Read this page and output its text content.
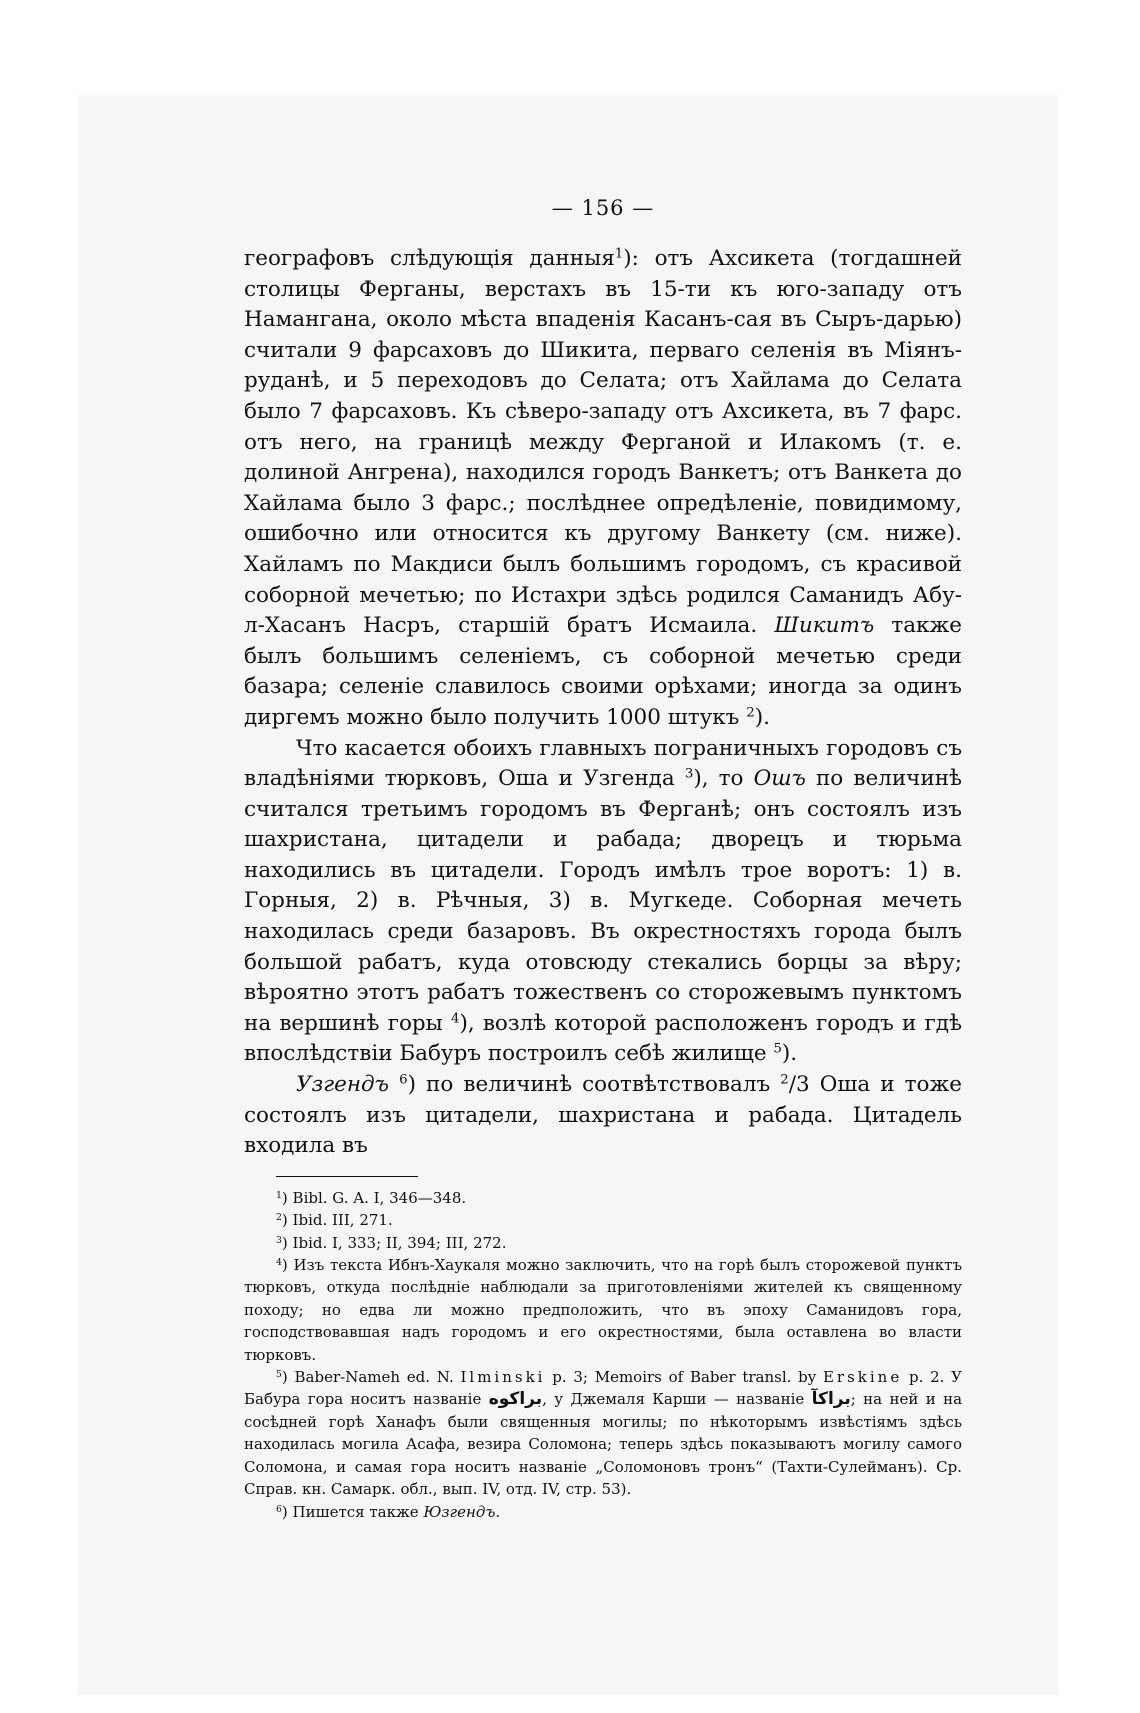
— 156 —

географовъ слѣдующія данныя$^1$): отъ Ахсикета (тогдашней столицы Ферганы, верстахъ въ 15-ти къ юго-западу отъ Намангана, около мѣста впаденія Касанъ-сая въ Сыръ-дарью) считали 9 фарсаховъ до Шикита, перваго селенія въ Міянъ-руданѣ, и 5 переходовъ до Селата; отъ Хайлама до Селата было 7 фарсаховъ. Къ сѣверо-западу отъ Ахсикета, въ 7 фарс. отъ него, на границѣ между Ферганой и Илакомъ (т. е. долиной Ангрена), находился городъ Ванкетъ; отъ Ванкета до Хайлама было 3 фарс.; послѣднее опредѣленіе, повидимому, ошибочно или относится къ другому Ванкету (см. ниже). Хайламъ по Макдиси былъ большимъ городомъ, съ красивой соборной мечетью; по Истахри здѣсь родился Саманидъ Абу-л-Хасанъ Насръ, старшій братъ Исмаила. Шикитъ также былъ большимъ селеніемъ, съ соборной мечетью среди базара; селеніе славилось своими орѣхами; иногда за одинъ диргемъ можно было получить 1000 штукъ $^2$).

Что касается обоихъ главныхъ пограничныхъ городовъ съ владѣніями тюрковъ, Оша и Узгенда $^3$), то Ошъ по величинѣ считался третьимъ городомъ въ Ферганѣ; онъ состоялъ изъ шахристана, цитадели и рабада; дворецъ и тюрьма находились въ цитадели. Городъ имѣлъ трое воротъ: 1) в. Горныя, 2) в. Рѣчныя, 3) в. Мугкеде. Соборная мечеть находилась среди базаровъ. Въ окрестностяхъ города былъ большой рабатъ, куда отовсюду стекались борцы за вѣру; вѣроятно этотъ рабатъ тожественъ со сторожевымъ пунктомъ на вершинѣ горы $^4$), возлѣ которой расположенъ городъ и гдѣ впослѣдствіи Бабуръ построилъ себѣ жилище $^5$).

Узгендъ $^6$) по величинѣ соотвѣтствовалъ $^2$/3 Оша и тоже состоялъ изъ цитадели, шахристана и рабада. Цитадель входила въ

$^1$) Bibl. G. A. I, 346—348.

$^2$) Ibid. III, 271.

$^3$) Ibid. I, 333; II, 394; III, 272.

$^4$) Изъ текста Ибнъ-Хаукаля можно заключить, что на горѣ былъ сторожевой пунктъ тюрковъ, откуда послѣдніе наблюдали за приготовленіями жителей къ священному походу; но едва ли можно предположить, что въ эпоху Саманидовъ гора, господствовавшая надъ городомъ и его окрестностями, была оставлена во власти тюрковъ.

$^5$) Baber-Nameh ed. N. Ilminski p. 3; Memoirs of Baber transl. by Erskine p. 2. У Бабура гора носитъ названіе براكوه, у Джемаля Карши — названіе براكآ; на ней и на сосѣдней горѣ Ханафъ были священныя могилы; по нѣкоторымъ извѣстіямъ здѣсь находилась могила Асафа, везира Соломона; теперь здѣсь показываютъ могилу самого Соломона, и самая гора носитъ названіе „Соломоновъ тронъ“ (Тахти-Сулейманъ). Ср. Справ. кн. Самарк. обл., вып. IV, отд. IV, стр. 53).

$^6$) Пишется также Юзгендъ.
